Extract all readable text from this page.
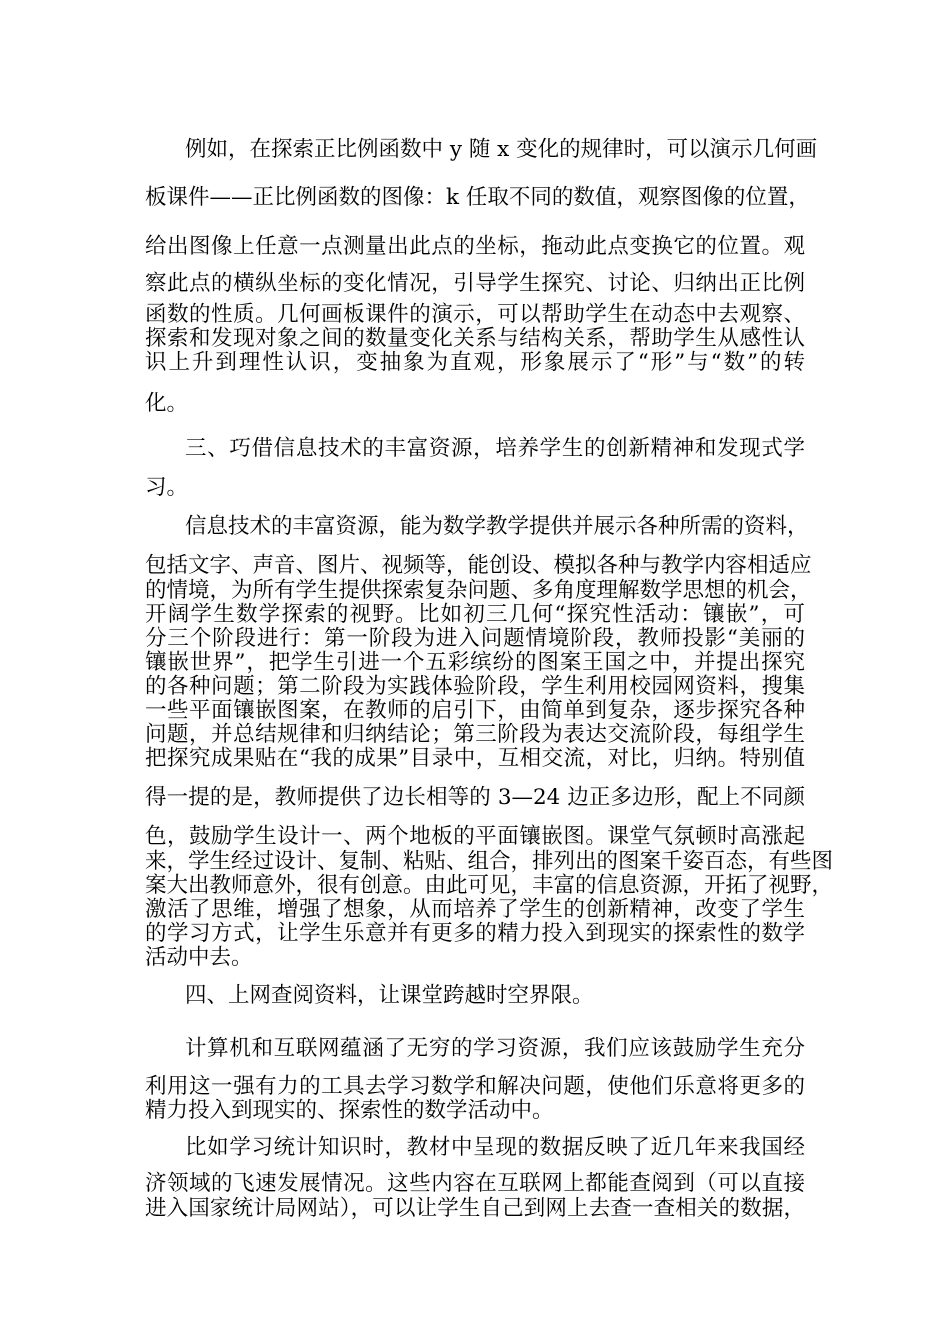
例如，在探索正比例函数中 y 随 x 变化的规律时，可以演示几何画

板课件——正比例函数的图像：k 任取不同的数值，观察图像的位置，

给出图像上任意一点测量出此点的坐标，拖动此点变换它的位置。观

察此点的横纵坐标的变化情况，引导学生探究、讨论、归纳出正比例

函数的性质。几何画板课件的演示，可以帮助学生在动态中去观察、

探索和发现对象之间的数量变化关系与结构关系，帮助学生从感性认

识上升到理性认识，变抽象为直观，形象展示了“形”与“数”的转

化。

三、巧借信息技术的丰富资源，培养学生的创新精神和发现式学

习。

信息技术的丰富资源，能为数学教学提供并展示各种所需的资料，

包括文字、声音、图片、视频等，能创设、模拟各种与教学内容相适应

的情境，为所有学生提供探索复杂问题、多角度理解数学思想的机会，

开阔学生数学探索的视野。比如初三几何“探究性活动：镶嵌”，可

分三个阶段进行：第一阶段为进入问题情境阶段，教师投影“美丽的

镶嵌世界”，把学生引进一个五彩缤纷的图案王国之中，并提出探究

的各种问题；第二阶段为实践体验阶段，学生利用校园网资料，搜集

一些平面镶嵌图案，在教师的启引下，由简单到复杂，逐步探究各种

问题，并总结规律和归纳结论；第三阶段为表达交流阶段，每组学生

把探究成果贴在“我的成果”目录中，互相交流，对比，归纳。特别值

得一提的是，教师提供了边长相等的 3—24 边正多边形，配上不同颜

色，鼓励学生设计一、两个地板的平面镶嵌图。课堂气氛顿时高涨起

来，学生经过设计、复制、粘贴、组合，排列出的图案千姿百态，有些图

案大出教师意外，很有创意。由此可见，丰富的信息资源，开拓了视野，

激活了思维，增强了想象，从而培养了学生的创新精神，改变了学生

的学习方式，让学生乐意并有更多的精力投入到现实的探索性的数学

活动中去。

四、上网查阅资料，让课堂跨越时空界限。

计算机和互联网蕴涵了无穷的学习资源，我们应该鼓励学生充分

利用这一强有力的工具去学习数学和解决问题，使他们乐意将更多的

精力投入到现实的、探索性的数学活动中。

比如学习统计知识时，教材中呈现的数据反映了近几年来我国经

济领域的飞速发展情况。这些内容在互联网上都能查阅到（可以直接

进入国家统计局网站），可以让学生自己到网上去查一查相关的数据，
